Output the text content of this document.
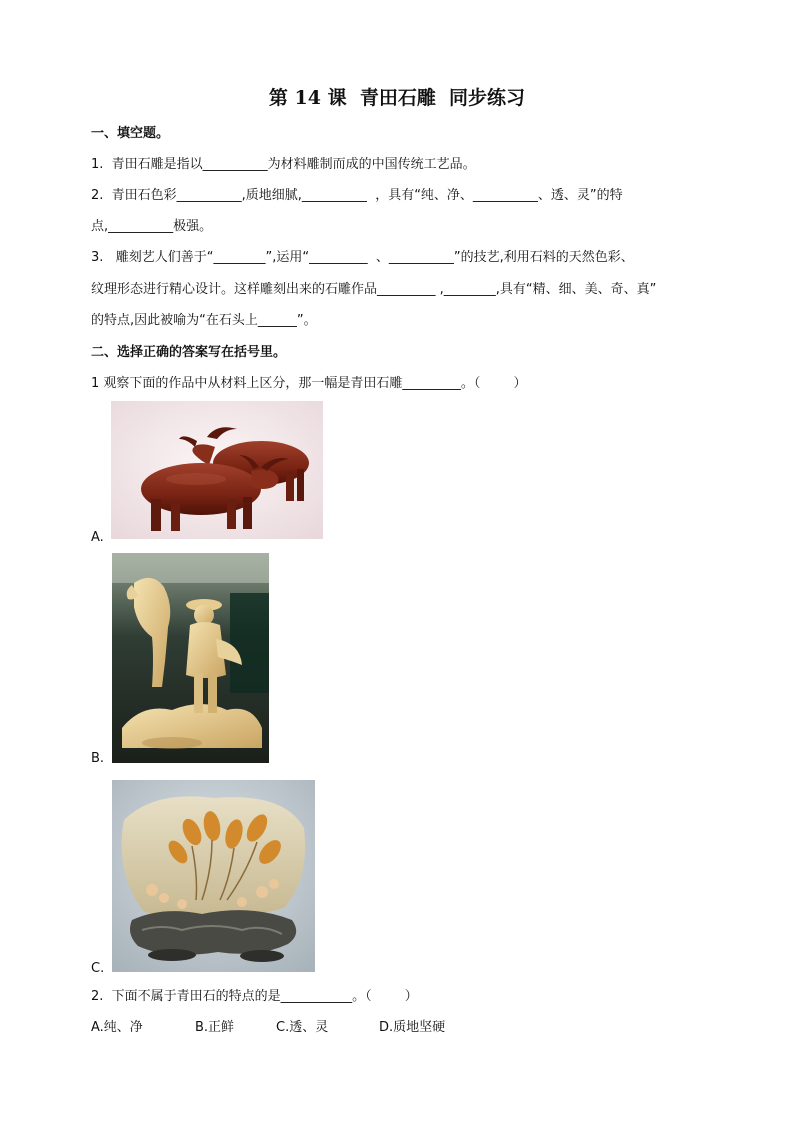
第 14 课  青田石雕  同步练习
一、填空题。
1.  青田石雕是指以__________为材料雕制而成的中国传统工艺品。
2.  青田石色彩__________,质地细腻,__________  ，具有“纯、净、__________、透、灵”的特
点,__________极强。
3.   雕刻艺人们善于“________”,运用“_________  、__________”的技艺,利用石料的天然色彩、
纹理形态进行精心设计。这样雕刻出来的石雕作品_________ ,________,具有“精、细、美、奇、真”
的特点,因此被喻为“在石头上______”。
二、选择正确的答案写在括号里。
1 观察下面的作品中从材料上区分，那一幅是青田石雕_________。（        ）
A.
B.
C.
2.  下面不属于青田石的特点的是___________。（        ）
A.纯、净	B.正鲜	C.透、灵	D.质地坚硬
